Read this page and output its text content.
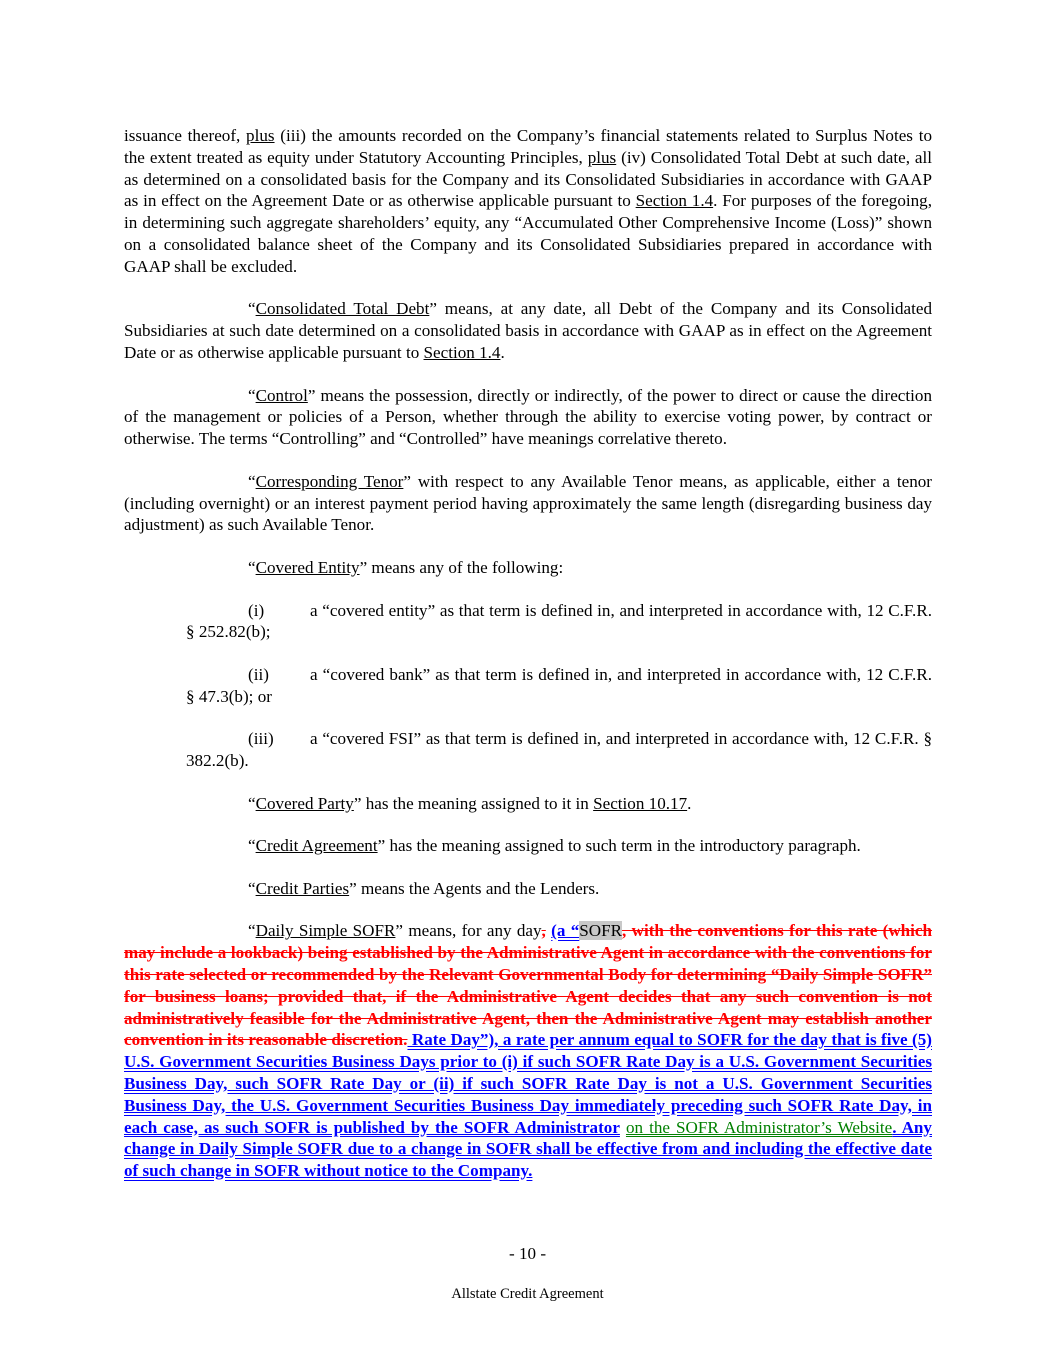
issuance thereof, plus (iii) the amounts recorded on the Company’s financial statements related to Surplus Notes to the extent treated as equity under Statutory Accounting Principles, plus (iv) Consolidated Total Debt at such date, all as determined on a consolidated basis for the Company and its Consolidated Subsidiaries in accordance with GAAP as in effect on the Agreement Date or as otherwise applicable pursuant to Section 1.4. For purposes of the foregoing, in determining such aggregate shareholders’ equity, any “Accumulated Other Comprehensive Income (Loss)” shown on a consolidated balance sheet of the Company and its Consolidated Subsidiaries prepared in accordance with GAAP shall be excluded.

“Consolidated Total Debt” means, at any date, all Debt of the Company and its Consolidated Subsidiaries at such date determined on a consolidated basis in accordance with GAAP as in effect on the Agreement Date or as otherwise applicable pursuant to Section 1.4.

“Control” means the possession, directly or indirectly, of the power to direct or cause the direction of the management or policies of a Person, whether through the ability to exercise voting power, by contract or otherwise. The terms “Controlling” and “Controlled” have meanings correlative thereto.

“Corresponding Tenor” with respect to any Available Tenor means, as applicable, either a tenor (including overnight) or an interest payment period having approximately the same length (disregarding business day adjustment) as such Available Tenor.

“Covered Entity” means any of the following:

(i)	a “covered entity” as that term is defined in, and interpreted in accordance with, 12 C.F.R. § 252.82(b);

(ii) a “covered bank” as that term is defined in, and interpreted in accordance with, 12 C.F.R. § 47.3(b); or

(iii) a “covered FSI” as that term is defined in, and interpreted in accordance with, 12 C.F.R. § 382.2(b).

“Covered Party” has the meaning assigned to it in Section 10.17.

“Credit Agreement” has the meaning assigned to such term in the introductory paragraph.

“Credit Parties” means the Agents and the Lenders.

“Daily Simple SOFR” means, for any day, (a “SOFR, with the conventions for this rate (which may include a lookback) being established by the Administrative Agent in accordance with the conventions for this rate selected or recommended by the Relevant Governmental Body for determining “Daily Simple SOFR” for business loans; provided that, if the Administrative Agent decides that any such convention is not administratively feasible for the Administrative Agent, then the Administrative Agent may establish another convention in its reasonable discretion. Rate Day”), a rate per annum equal to SOFR for the day that is five (5) U.S. Government Securities Business Days prior to (i) if such SOFR Rate Day is a U.S. Government Securities Business Day, such SOFR Rate Day or (ii) if such SOFR Rate Day is not a U.S. Government Securities Business Day, the U.S. Government Securities Business Day immediately preceding such SOFR Rate Day, in each case, as such SOFR is published by the SOFR Administrator on the SOFR Administrator’s Website. Any change in Daily Simple SOFR due to a change in SOFR shall be effective from and including the effective date of such change in SOFR without notice to the Company.

- 10 -
Allstate Credit Agreement
